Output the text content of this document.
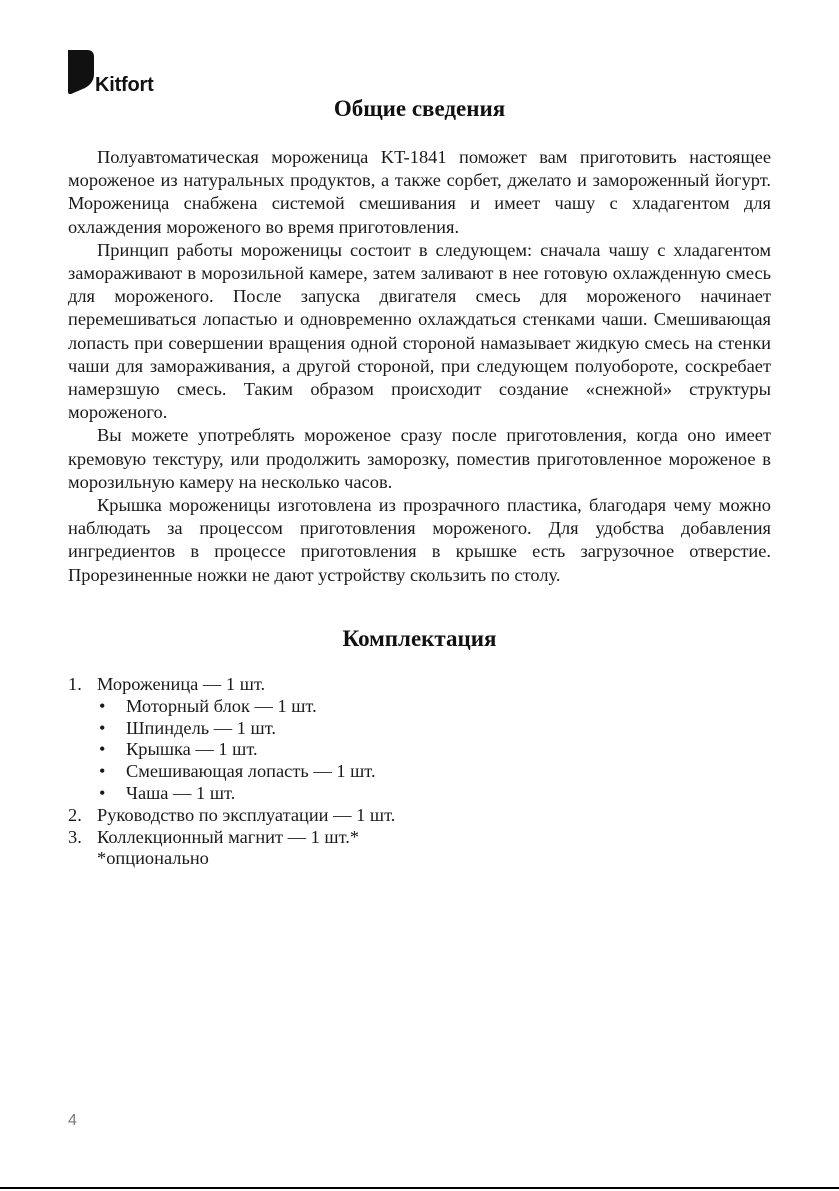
Kitfort
Общие сведения

Полуавтоматическая мороженица KT-1841 поможет вам приготовить настоящее мороженое из натуральных продуктов, а также сорбет, джелато и замороженный йогурт. Мороженица снабжена системой смешивания и имеет чашу с хладагентом для охлаждения мороженого во время приготовления.

Принцип работы мороженицы состоит в следующем: сначала чашу с хладагентом замораживают в морозильной камере, затем заливают в нее готовую охлажденную смесь для мороженого. После запуска двигателя смесь для мороженого начинает перемешиваться лопастью и одновременно охлаждаться стенками чаши. Смешивающая лопасть при совершении вращения одной стороной намазывает жидкую смесь на стенки чаши для замораживания, а другой стороной, при следующем полуобороте, соскребает намерзшую смесь. Таким образом происходит создание «снежной» структуры мороженого.

Вы можете употреблять мороженое сразу после приготовления, когда оно имеет кремовую текстуру, или продолжить заморозку, поместив приготовленное мороженое в морозильную камеру на несколько часов.

Крышка мороженицы изготовлена из прозрачного пластика, благодаря чему можно наблюдать за процессом приготовления мороженого. Для удобства добавления ингредиентов в процессе приготовления в крышке есть загрузочное отверстие. Прорезиненные ножки не дают устройству скользить по столу.

Комплектация
1. Мороженица — 1 шт.
• Моторный блок — 1 шт.
• Шпиндель — 1 шт.
• Крышка — 1 шт.
• Смешивающая лопасть — 1 шт.
• Чаша — 1 шт.
2. Руководство по эксплуатации — 1 шт.
3. Коллекционный магнит — 1 шт.*
*опционально
4
